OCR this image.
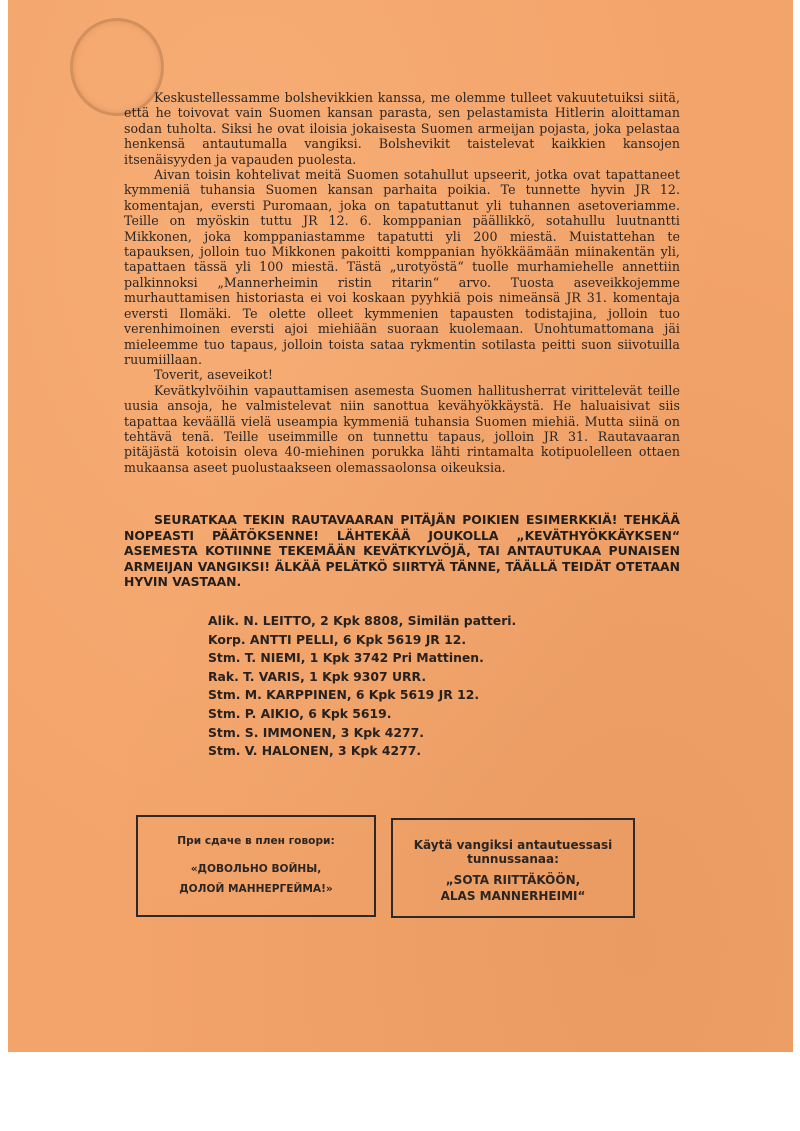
Keskustellessamme bolshevikkien kanssa, me olemme tulleet vakuutetuiksi siitä, että he toivovat vain Suomen kansan parasta, sen pelastamista Hitlerin aloittaman sodan tuholta. Siksi he ovat iloisia jokaisesta Suomen armeijan pojasta, joka pelastaa henkensä antautumalla vangiksi. Bolshevikit taistelevat kaikkien kansojen itsenäisyyden ja vapauden puolesta.

Aivan toisin kohtelivat meitä Suomen sotahullut upseerit, jotka ovat tapattaneet kymmeniä tuhansia Suomen kansan parhaita poikia. Te tunnette hyvin JR 12. komentajan, eversti Puromaan, joka on tapatuttanut yli tuhannen asetoveriamme. Teille on myöskin tuttu JR 12. 6. komppanian päällikkö, sotahullu luutnantti Mikkonen, joka komppaniastamme tapatutti yli 200 miestä. Muistattehan te tapauksen, jolloin tuo Mikkonen pakoitti komppanian hyökkäämään miinakentän yli, tapattaen tässä yli 100 miestä. Tästä „urotyöstä“ tuolle murhamiehelle annettiin palkinnoksi „Mannerheimin ristin ritarin“ arvo. Tuosta aseveikkojemme murhauttamisen historiasta ei voi koskaan pyyhkiä pois nimeänsä JR 31. komentaja eversti Ilomäki. Te olette olleet kymmenien tapausten todistajina, jolloin tuo verenhimoinen eversti ajoi miehiään suoraan kuolemaan. Unohtumattomana jäi mieleemme tuo tapaus, jolloin toista sataa rykmentin sotilasta peitti suon siivotuilla ruumiillaan.

Toverit, aseveikot!

Kevätkylvöihin vapauttamisen asemesta Suomen hallitusherrat virittelevät teille uusia ansoja, he valmistelevat niin sanottua kevähyökkäystä. He haluaisivat siis tapattaa keväällä vielä useampia kymmeniä tuhansia Suomen miehiä. Mutta siinä on tehtävä tenä. Teille useimmille on tunnettu tapaus, jolloin JR 31. Rautavaaran pitäjästä kotoisin oleva 40-miehinen porukka lähti rintamalta kotipuolelleen ottaen mukaansa aseet puolustaakseen olemassaolonsa oikeuksia.

SEURATKAA TEKIN RAUTAVAARAN PITÄJÄN POIKIEN ESIMERKKIÄ! TEHKÄÄ NOPEASTI PÄÄTÖKSENNE! LÄHTEKÄÄ JOUKOLLA „KEVÄTHYÖKKÄYKSEN“ ASEMESTA KOTIINNE TEKEMÄÄN KEVÄTKYLVÖJÄ, TAI ANTAUTUKAA PUNAISEN ARMEIJAN VANGIKSI! ÄLKÄÄ PELÄTKÖ SIIRTYÄ TÄNNE, TÄÄLLÄ TEIDÄT OTETAAN HYVIN VASTAAN.

Alik. N. LEITTO, 2 Kpk 8808, Similän patteri.
Korp. ANTTI PELLI, 6 Kpk 5619 JR 12.
Stm. T. NIEMI, 1 Kpk 3742 Pri Mattinen.
Rak. T. VARIS, 1 Kpk 9307 URR.
Stm. M. KARPPINEN, 6 Kpk 5619 JR 12.
Stm. P. AIKIO, 6 Kpk 5619.
Stm. S. IMMONEN, 3 Kpk 4277.
Stm. V. HALONEN, 3 Kpk 4277.
При сдаче в плен говори:
«ДОВОЛЬНО ВОЙНЫ,
ДОЛОЙ МАННЕРГЕЙМА!»
Käytä vangiksi antautuessasi
tunnussanaa:
„SOTA RIITTÄKÖÖN,
ALAS MANNERHEIMI“
